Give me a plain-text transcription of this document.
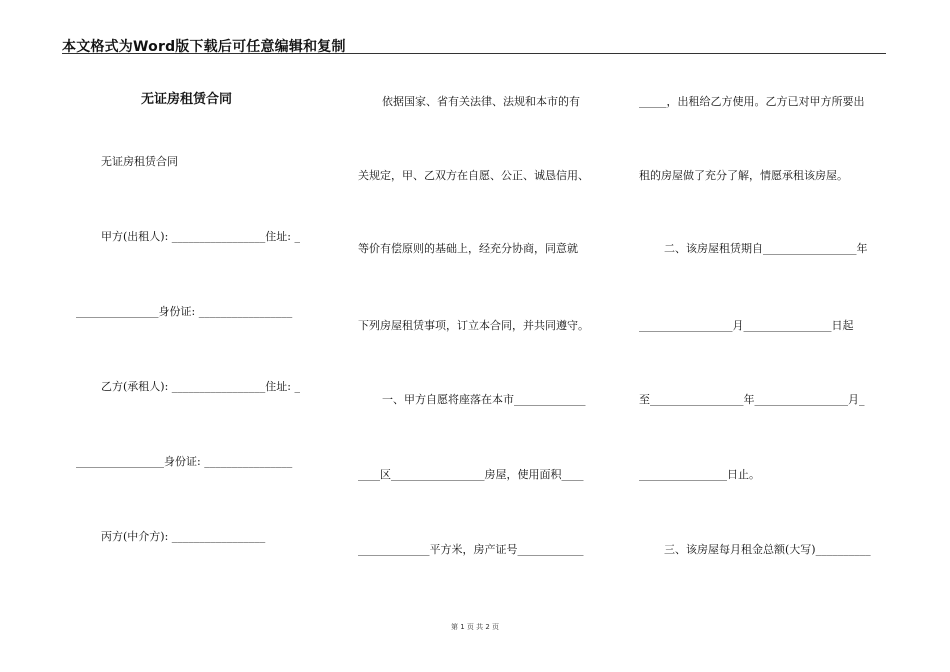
本文格式为Word版下载后可任意编辑和复制
无证房租赁合同
无证房租赁合同
甲方(出租人): _________________住址: _
_______________身份证: _________________
乙方(承租人): _________________住址: _
________________身份证: ________________
丙方(中介方): _________________
依据国家、省有关法律、法规和本市的有
关规定，甲、乙双方在自愿、公正、诚恳信用、
等价有偿原则的基础上，经充分协商，同意就
下列房屋租赁事项，订立本合同，并共同遵守。
一、甲方自愿将座落在本市_____________
____区_________________房屋，使用面积____
_____________平方米，房产证号____________
_____，出租给乙方使用。乙方已对甲方所要出
租的房屋做了充分了解，情愿承租该房屋。
二、该房屋租赁期自_________________年
_________________月________________日起
至_________________年_________________月_
________________日止。
三、该房屋每月租金总额(大写)__________
第 1 页 共 2 页
